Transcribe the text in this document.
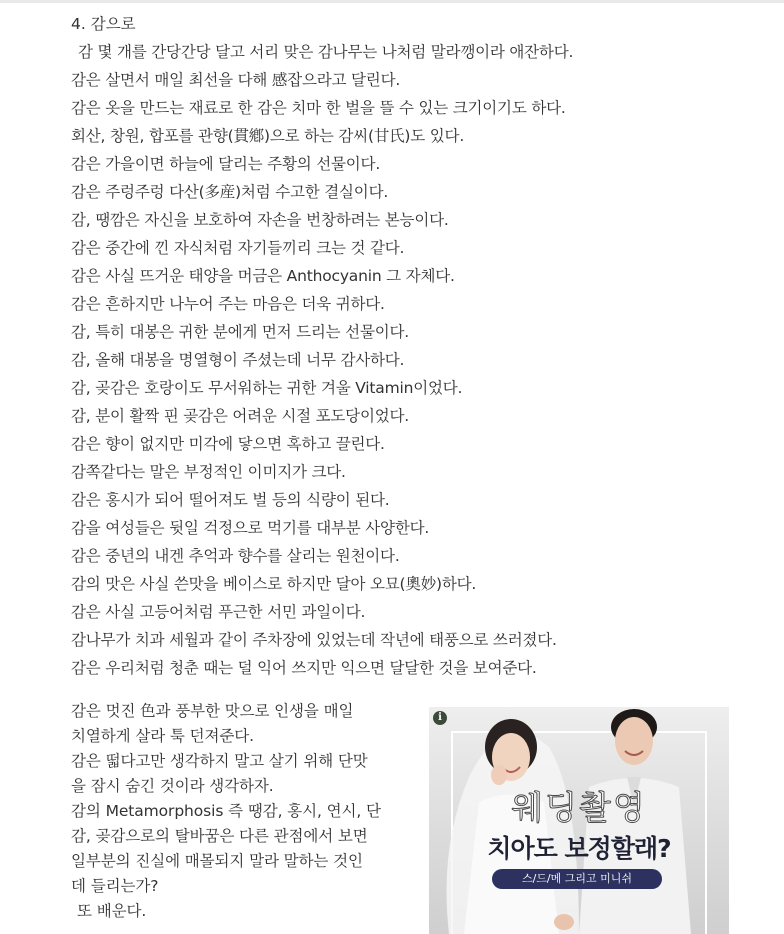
4. 감으로
감 몇 개를 간당간당 달고 서리 맞은 감나무는 나처럼 말라깽이라 애잔하다.
감은 살면서 매일 최선을 다해 感잡으라고 달린다.
감은 옷을 만드는 재료로 한 감은 치마 한 벌을 뜰 수 있는 크기이기도 하다.
회산, 창원, 합포를 관향(貫鄕)으로 하는 감씨(甘氏)도 있다.
감은 가을이면 하늘에 달리는 주황의 선물이다.
감은 주렁주렁 다산(多産)처럼 수고한 결실이다.
감, 땡깜은 자신을 보호하여 자손을 번창하려는 본능이다.
감은 중간에 낀 자식처럼 자기들끼리 크는 것 같다.
감은 사실 뜨거운 태양을 머금은 Anthocyanin 그 자체다.
감은 흔하지만 나누어 주는 마음은 더욱 귀하다.
감, 특히 대봉은 귀한 분에게 먼저 드리는 선물이다.
감, 올해 대봉을 명열형이 주셨는데 너무 감사하다.
감, 곶감은 호랑이도 무서워하는 귀한 겨울 Vitamin이었다.
감, 분이 활짝 핀 곶감은 어려운 시절 포도당이었다.
감은 향이 없지만 미각에 닿으면 혹하고 끌린다.
감쪽같다는 말은 부정적인 이미지가 크다.
감은 홍시가 되어 떨어져도 벌 등의 식량이 된다.
감을 여성들은 뒷일 걱정으로 먹기를 대부분 사양한다.
감은 중년의 내겐 추억과 향수를 살리는 원천이다.
감의 맛은 사실 쓴맛을 베이스로 하지만 달아 오묘(奧妙)하다.
감은 사실 고등어처럼 푸근한 서민 과일이다.
감나무가 치과 세월과 같이 주차장에 있었는데 작년에 태풍으로 쓰러졌다.
감은 우리처럼 청춘 때는 덜 익어 쓰지만 익으면 달달한 것을 보여준다.
감은 멋진 色과 풍부한 맛으로 인생을 매일
치열하게 살라 툭 던져준다.
감은 떫다고만 생각하지 말고 살기 위해 단맛
을 잠시 숨긴 것이라 생각하자.
감의 Metamorphosis 즉 땡감, 홍시, 연시, 단
감, 곶감으로의 탈바꿈은 다른 관점에서 보면
일부분의 진실에 매몰되지 말라 말하는 것인
데 들리는가?
또 배운다.
i
웨딩촬영
치아도 보정할래?
스/드/메 그리고 미니쉬
